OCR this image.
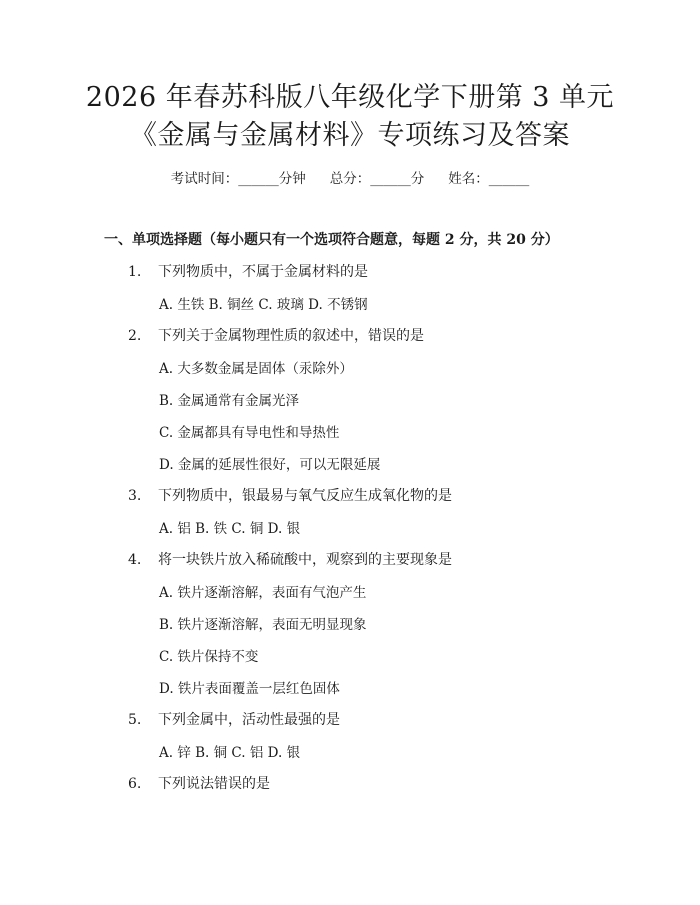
2026 年春苏科版八年级化学下册第 3 单元
《金属与金属材料》专项练习及答案
考试时间：______分钟 总分：______分 姓名：______
一、单项选择题（每小题只有一个选项符合题意，每题 2 分，共 20 分）
1. 下列物质中，不属于金属材料的是
A. 生铁 B. 铜丝 C. 玻璃 D. 不锈钢
2. 下列关于金属物理性质的叙述中，错误的是
A. 大多数金属是固体（汞除外）
B. 金属通常有金属光泽
C. 金属都具有导电性和导热性
D. 金属的延展性很好，可以无限延展
3. 下列物质中，银最易与氧气反应生成氧化物的是
A. 铝 B. 铁 C. 铜 D. 银
4. 将一块铁片放入稀硫酸中，观察到的主要现象是
A. 铁片逐渐溶解，表面有气泡产生
B. 铁片逐渐溶解，表面无明显现象
C. 铁片保持不变
D. 铁片表面覆盖一层红色固体
5. 下列金属中，活动性最强的是
A. 锌 B. 铜 C. 铝 D. 银
6. 下列说法错误的是
